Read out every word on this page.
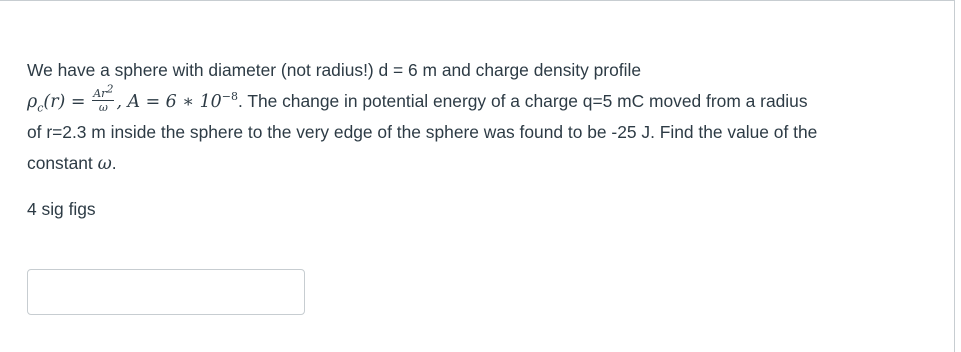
We have a sphere with diameter (not radius!) d = 6 m and charge density profile
$\rho_c(r) = \frac{Ar^2}{\omega}$ , A = 6 ∗ $10^{-8}$. The change in potential energy of a charge q=5 mC moved from a radius
of r=2.3 m inside the sphere to the very edge of the sphere was found to be -25 J. Find the value of the
constant ω.
4 sig figs
